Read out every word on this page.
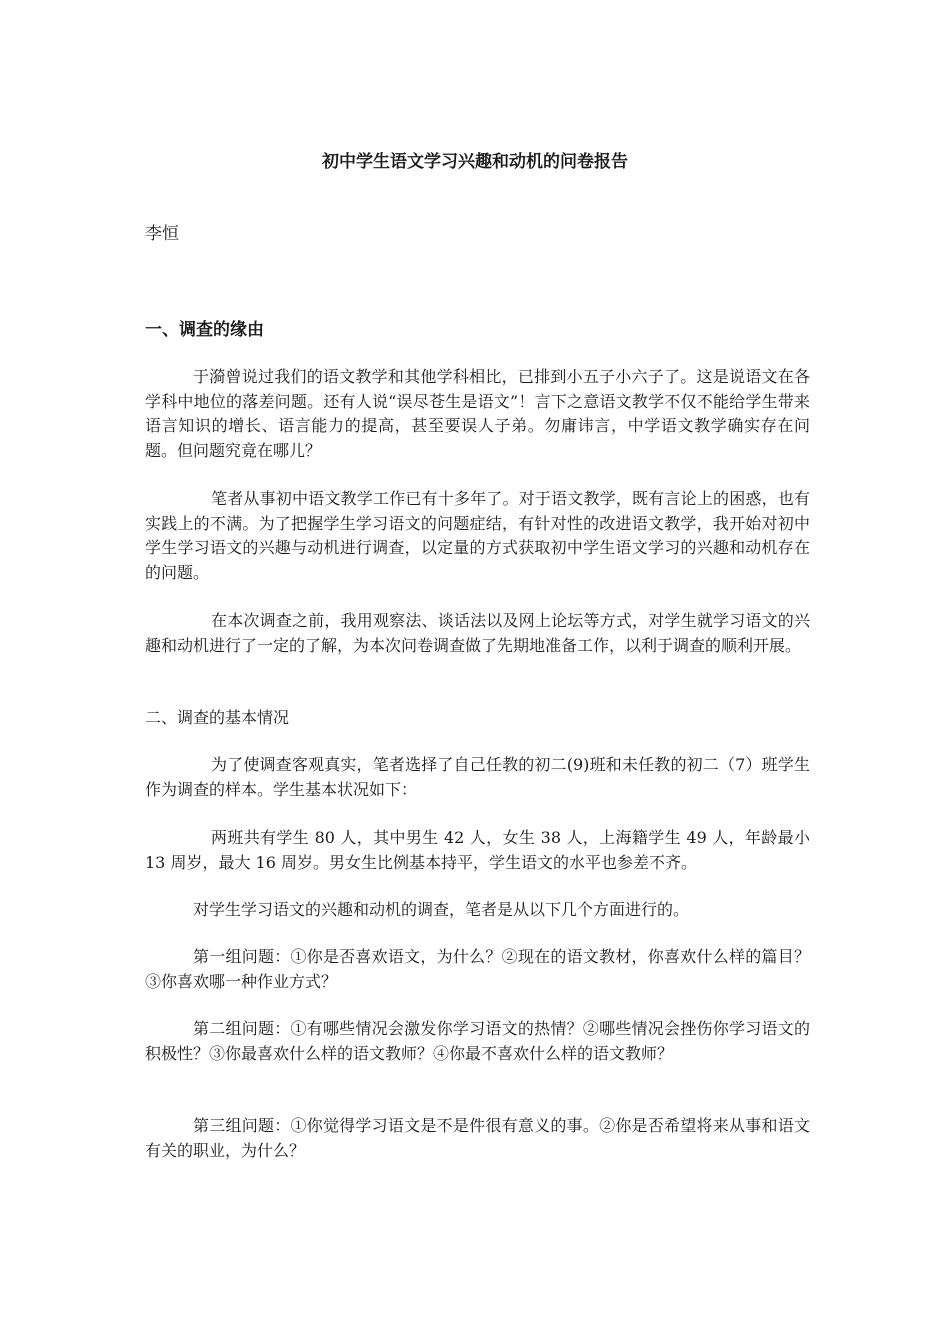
初中学生语文学习兴趣和动机的问卷报告
李恒
一、调查的缘由
于漪曾说过我们的语文教学和其他学科相比，已排到小五子小六子了。这是说语文在各学科中地位的落差问题。还有人说“误尽苍生是语文”！言下之意语文教学不仅不能给学生带来语言知识的增长、语言能力的提高，甚至要误人子弟。勿庸讳言，中学语文教学确实存在问题。但问题究竟在哪儿？
笔者从事初中语文教学工作已有十多年了。对于语文教学，既有言论上的困惑，也有实践上的不满。为了把握学生学习语文的问题症结，有针对性的改进语文教学，我开始对初中学生学习语文的兴趣与动机进行调查，以定量的方式获取初中学生语文学习的兴趣和动机存在的问题。
在本次调查之前，我用观察法、谈话法以及网上论坛等方式，对学生就学习语文的兴趣和动机进行了一定的了解，为本次问卷调查做了先期地准备工作，以利于调查的顺利开展。
二、调查的基本情况
为了使调查客观真实，笔者选择了自己任教的初二(9)班和未任教的初二（7）班学生作为调查的样本。学生基本状况如下：
两班共有学生 80 人，其中男生 42 人，女生 38 人，上海籍学生 49 人，年龄最小 13 周岁，最大 16 周岁。男女生比例基本持平，学生语文的水平也参差不齐。
对学生学习语文的兴趣和动机的调查，笔者是从以下几个方面进行的。
第一组问题：①你是否喜欢语文，为什么？②现在的语文教材，你喜欢什么样的篇目？③你喜欢哪一种作业方式？
第二组问题：①有哪些情况会激发你学习语文的热情？②哪些情况会挫伤你学习语文的积极性？③你最喜欢什么样的语文教师？④你最不喜欢什么样的语文教师？
第三组问题：①你觉得学习语文是不是件很有意义的事。②你是否希望将来从事和语文有关的职业，为什么？
